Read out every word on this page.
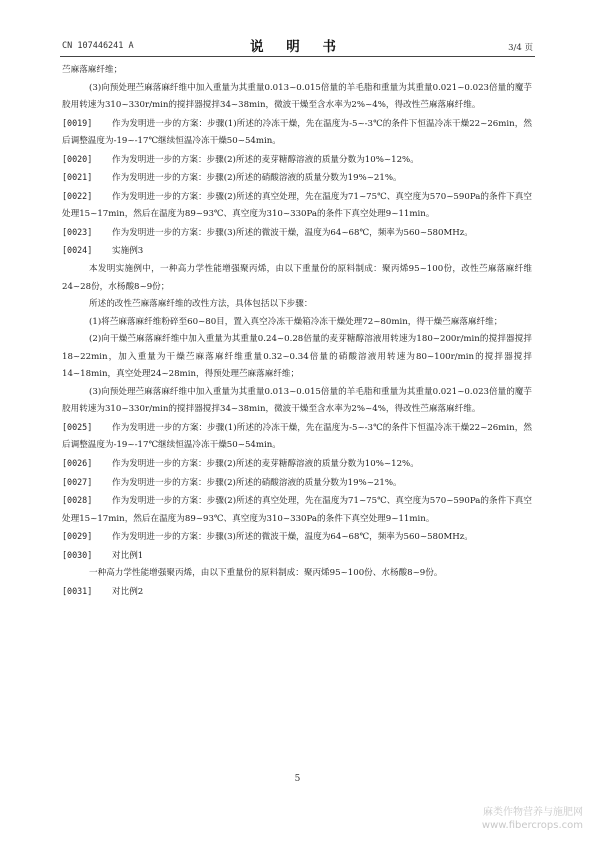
CN 107446241 A	说 明 书	3/4 页

苎麻落麻纤维；

(3)向预处理苎麻落麻纤维中加入重量为其重量0.013~0.015倍量的羊毛脂和重量为其重量0.021~0.023倍量的魔芋胶用转速为310~330r/min的搅拌器搅拌34~38min，微波干燥至含水率为2%~4%，得改性苎麻落麻纤维。

[0019] 作为发明进一步的方案：步骤(1)所述的冷冻干燥，先在温度为-5~-3℃的条件下恒温冷冻干燥22~26min，然后调整温度为-19~-17℃继续恒温冷冻干燥50~54min。

[0020] 作为发明进一步的方案：步骤(2)所述的麦芽糖醇溶液的质量分数为10%~12%。

[0021] 作为发明进一步的方案：步骤(2)所述的硝酸溶液的质量分数为19%~21%。

[0022] 作为发明进一步的方案：步骤(2)所述的真空处理，先在温度为71~75℃、真空度为570~590Pa的条件下真空处理15~17min，然后在温度为89~93℃、真空度为310~330Pa的条件下真空处理9~11min。

[0023] 作为发明进一步的方案：步骤(3)所述的微波干燥，温度为64~68℃，频率为560~580MHz。

[0024] 实施例3

本发明实施例中，一种高力学性能增强聚丙烯，由以下重量份的原料制成：聚丙烯95~100份，改性苎麻落麻纤维24~28份，水杨酸8~9份；

所述的改性苎麻落麻纤维的改性方法，具体包括以下步骤：

(1)将苎麻落麻纤维粉碎至60~80目，置入真空冷冻干燥箱冷冻干燥处理72~80min，得干燥苎麻落麻纤维；

(2)向干燥苎麻落麻纤维中加入重量为其重量0.24~0.28倍量的麦芽糖醇溶液用转速为180~200r/min的搅拌器搅拌18~22min，加入重量为干燥苎麻落麻纤维重量0.32~0.34倍量的硝酸溶液用转速为80~100r/min的搅拌器搅拌14~18min，真空处理24~28min，得预处理苎麻落麻纤维；

(3)向预处理苎麻落麻纤维中加入重量为其重量0.013~0.015倍量的羊毛脂和重量为其重量0.021~0.023倍量的魔芋胶用转速为310~330r/min的搅拌器搅拌34~38min，微波干燥至含水率为2%~4%，得改性苎麻落麻纤维。

[0025] 作为发明进一步的方案：步骤(1)所述的冷冻干燥，先在温度为-5~-3℃的条件下恒温冷冻干燥22~26min，然后调整温度为-19~-17℃继续恒温冷冻干燥50~54min。

[0026] 作为发明进一步的方案：步骤(2)所述的麦芽糖醇溶液的质量分数为10%~12%。

[0027] 作为发明进一步的方案：步骤(2)所述的硝酸溶液的质量分数为19%~21%。

[0028] 作为发明进一步的方案：步骤(2)所述的真空处理，先在温度为71~75℃、真空度为570~590Pa的条件下真空处理15~17min，然后在温度为89~93℃、真空度为310~330Pa的条件下真空处理9~11min。

[0029] 作为发明进一步的方案：步骤(3)所述的微波干燥，温度为64~68℃，频率为560~580MHz。

[0030] 对比例1

一种高力学性能增强聚丙烯，由以下重量份的原料制成：聚丙烯95~100份、水杨酸8~9份。

[0031] 对比例2

5
麻类作物营养与施肥网
www.fibercrops.com
